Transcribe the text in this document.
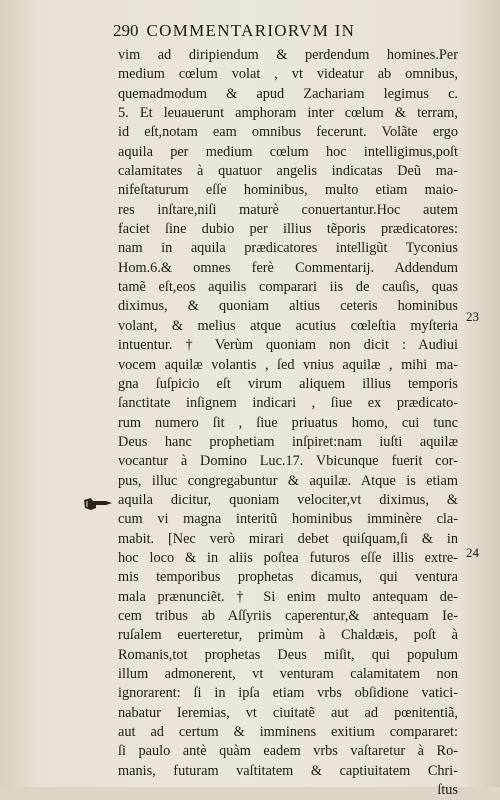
290 COMMENTARIORVM IN
vim ad diripiendum & perdendum homines.Per
medium cœlum volat , vt videatur ab omnibus,
quemadmodum & apud Zachariam legimus c.
5. Et leuauerunt amphoram inter cœlum & terram,
id eſt,notam eam omnibus fecerunt. Volãte ergo
aquila per medium cœlum hoc intelligimus,poſt
calamitates à quatuor angelis indicatas Deũ ma-
nifeſtaturum eſſe hominibus, multo etiam maio-
res inſtare,niſi maturè conuertantur.Hoc autem
faciet ſine dubio per illius tẽporis prædicatores:
nam in aquila prædicatores intelligũt Tyconius
Hom.6.& omnes ferè Commentarij. Addendum
tamẽ eſt,eos aquilis comparari iis de cauſis, quas
diximus, & quoniam altius ceteris hominibus
volant, & melius atque acutius cœleſtia myſteria
intuentur. † Verùm quoniam non dicit : Audiui
vocem aquilæ volantis , ſed vnius aquilæ , mihi ma-
gna ſuſpicio eſt virum aliquem illius temporis
ſanctitate inſignem indicari , ſiue ex prædicato-
rum numero ſit , ſiue priuatus homo, cui tunc
Deus hanc prophetiam inſpiret:nam iuſti aquilæ
vocantur à Domino Luc.17. Vbicunque fuerit cor-
pus, illuc congregabuntur & aquilæ. Atque is etiam
aquila dicitur, quoniam velociter,vt diximus, &
cum vi magna interitũ hominibus imminère cla-
mabit. [Nec verò mirari debet quiſquam,ſi & in
hoc loco & in aliis poſtea futuros eſſe illis extre-
mis temporibus prophetas dicamus, qui ventura
mala prænunciẽt. † Si enim multo antequam de-
cem tribus ab Aſſyriis caperentur,& antequam Ie-
ruſalem euerteretur, primùm à Chaldæis, poſt à
Romanis,tot prophetas Deus miſit, qui populum
illum admonerent, vt venturam calamitatem non
ignorarent: ſi in ipſa etiam vrbs obſidione vatici-
nabatur Ieremias, vt ciuitatẽ aut ad pœnitentiã,
aut ad certum & imminens exitium compararet:
ſi paulo antè quàm eadem vrbs vaſtaretur à Ro-
manis, futuram vaſtitatem & captiuitatem Chri-
ſtus
23
24
